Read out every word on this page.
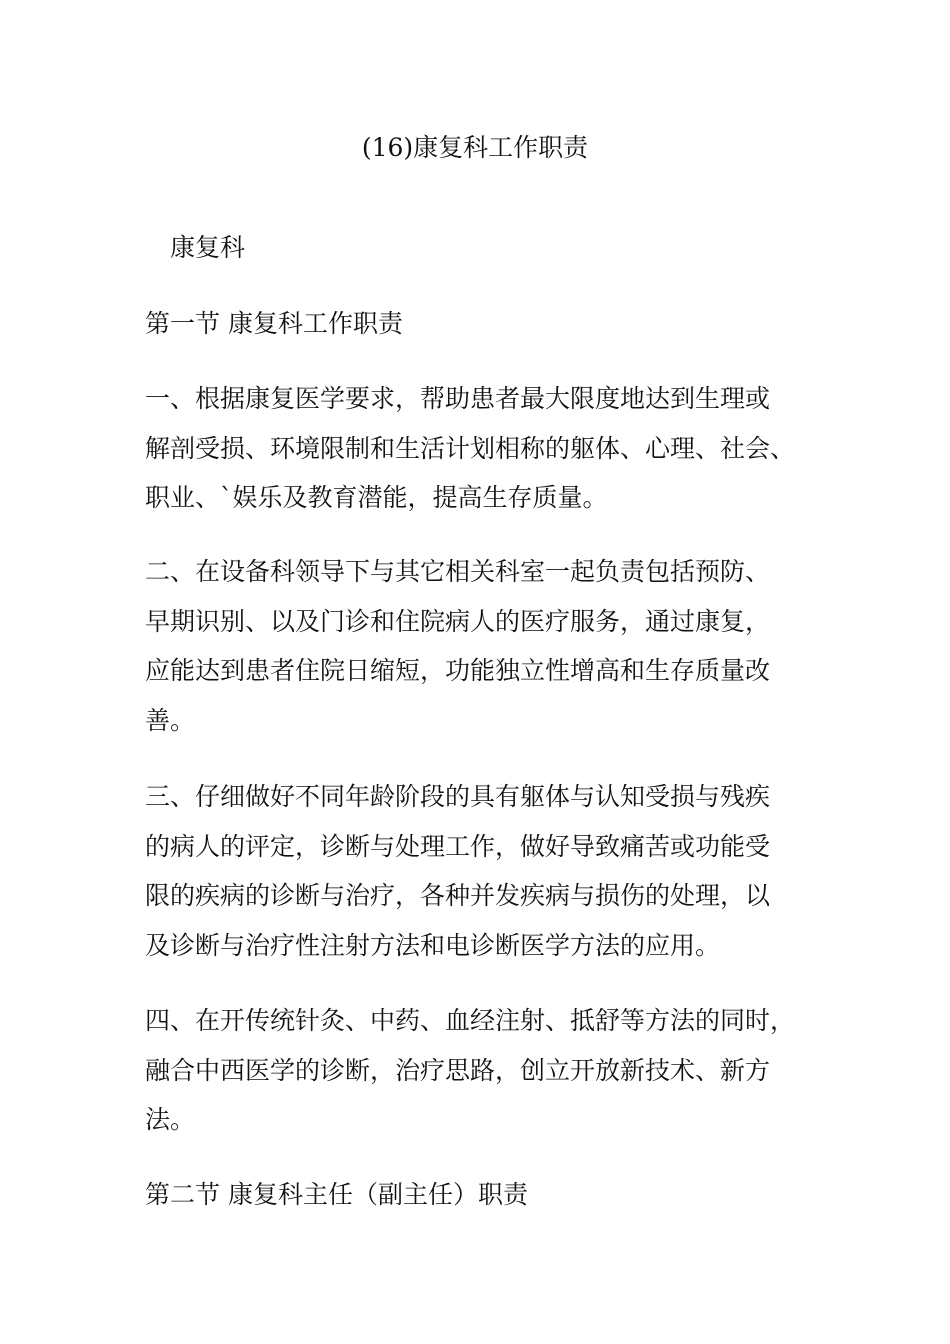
(16)康复科工作职责

康复科

第一节 康复科工作职责

一、根据康复医学要求，帮助患者最大限度地达到生理或
解剖受损、环境限制和生活计划相称的躯体、心理、社会、
职业、`娱乐及教育潜能，提高生存质量。

二、在设备科领导下与其它相关科室一起负责包括预防、
早期识别、以及门诊和住院病人的医疗服务，通过康复，
应能达到患者住院日缩短，功能独立性增高和生存质量改
善。

三、仔细做好不同年龄阶段的具有躯体与认知受损与残疾
的病人的评定，诊断与处理工作，做好导致痛苦或功能受
限的疾病的诊断与治疗，各种并发疾病与损伤的处理，以
及诊断与治疗性注射方法和电诊断医学方法的应用。

四、在开传统针灸、中药、血经注射、抵舒等方法的同时，
融合中西医学的诊断，治疗思路，创立开放新技术、新方
法。

第二节 康复科主任（副主任）职责
